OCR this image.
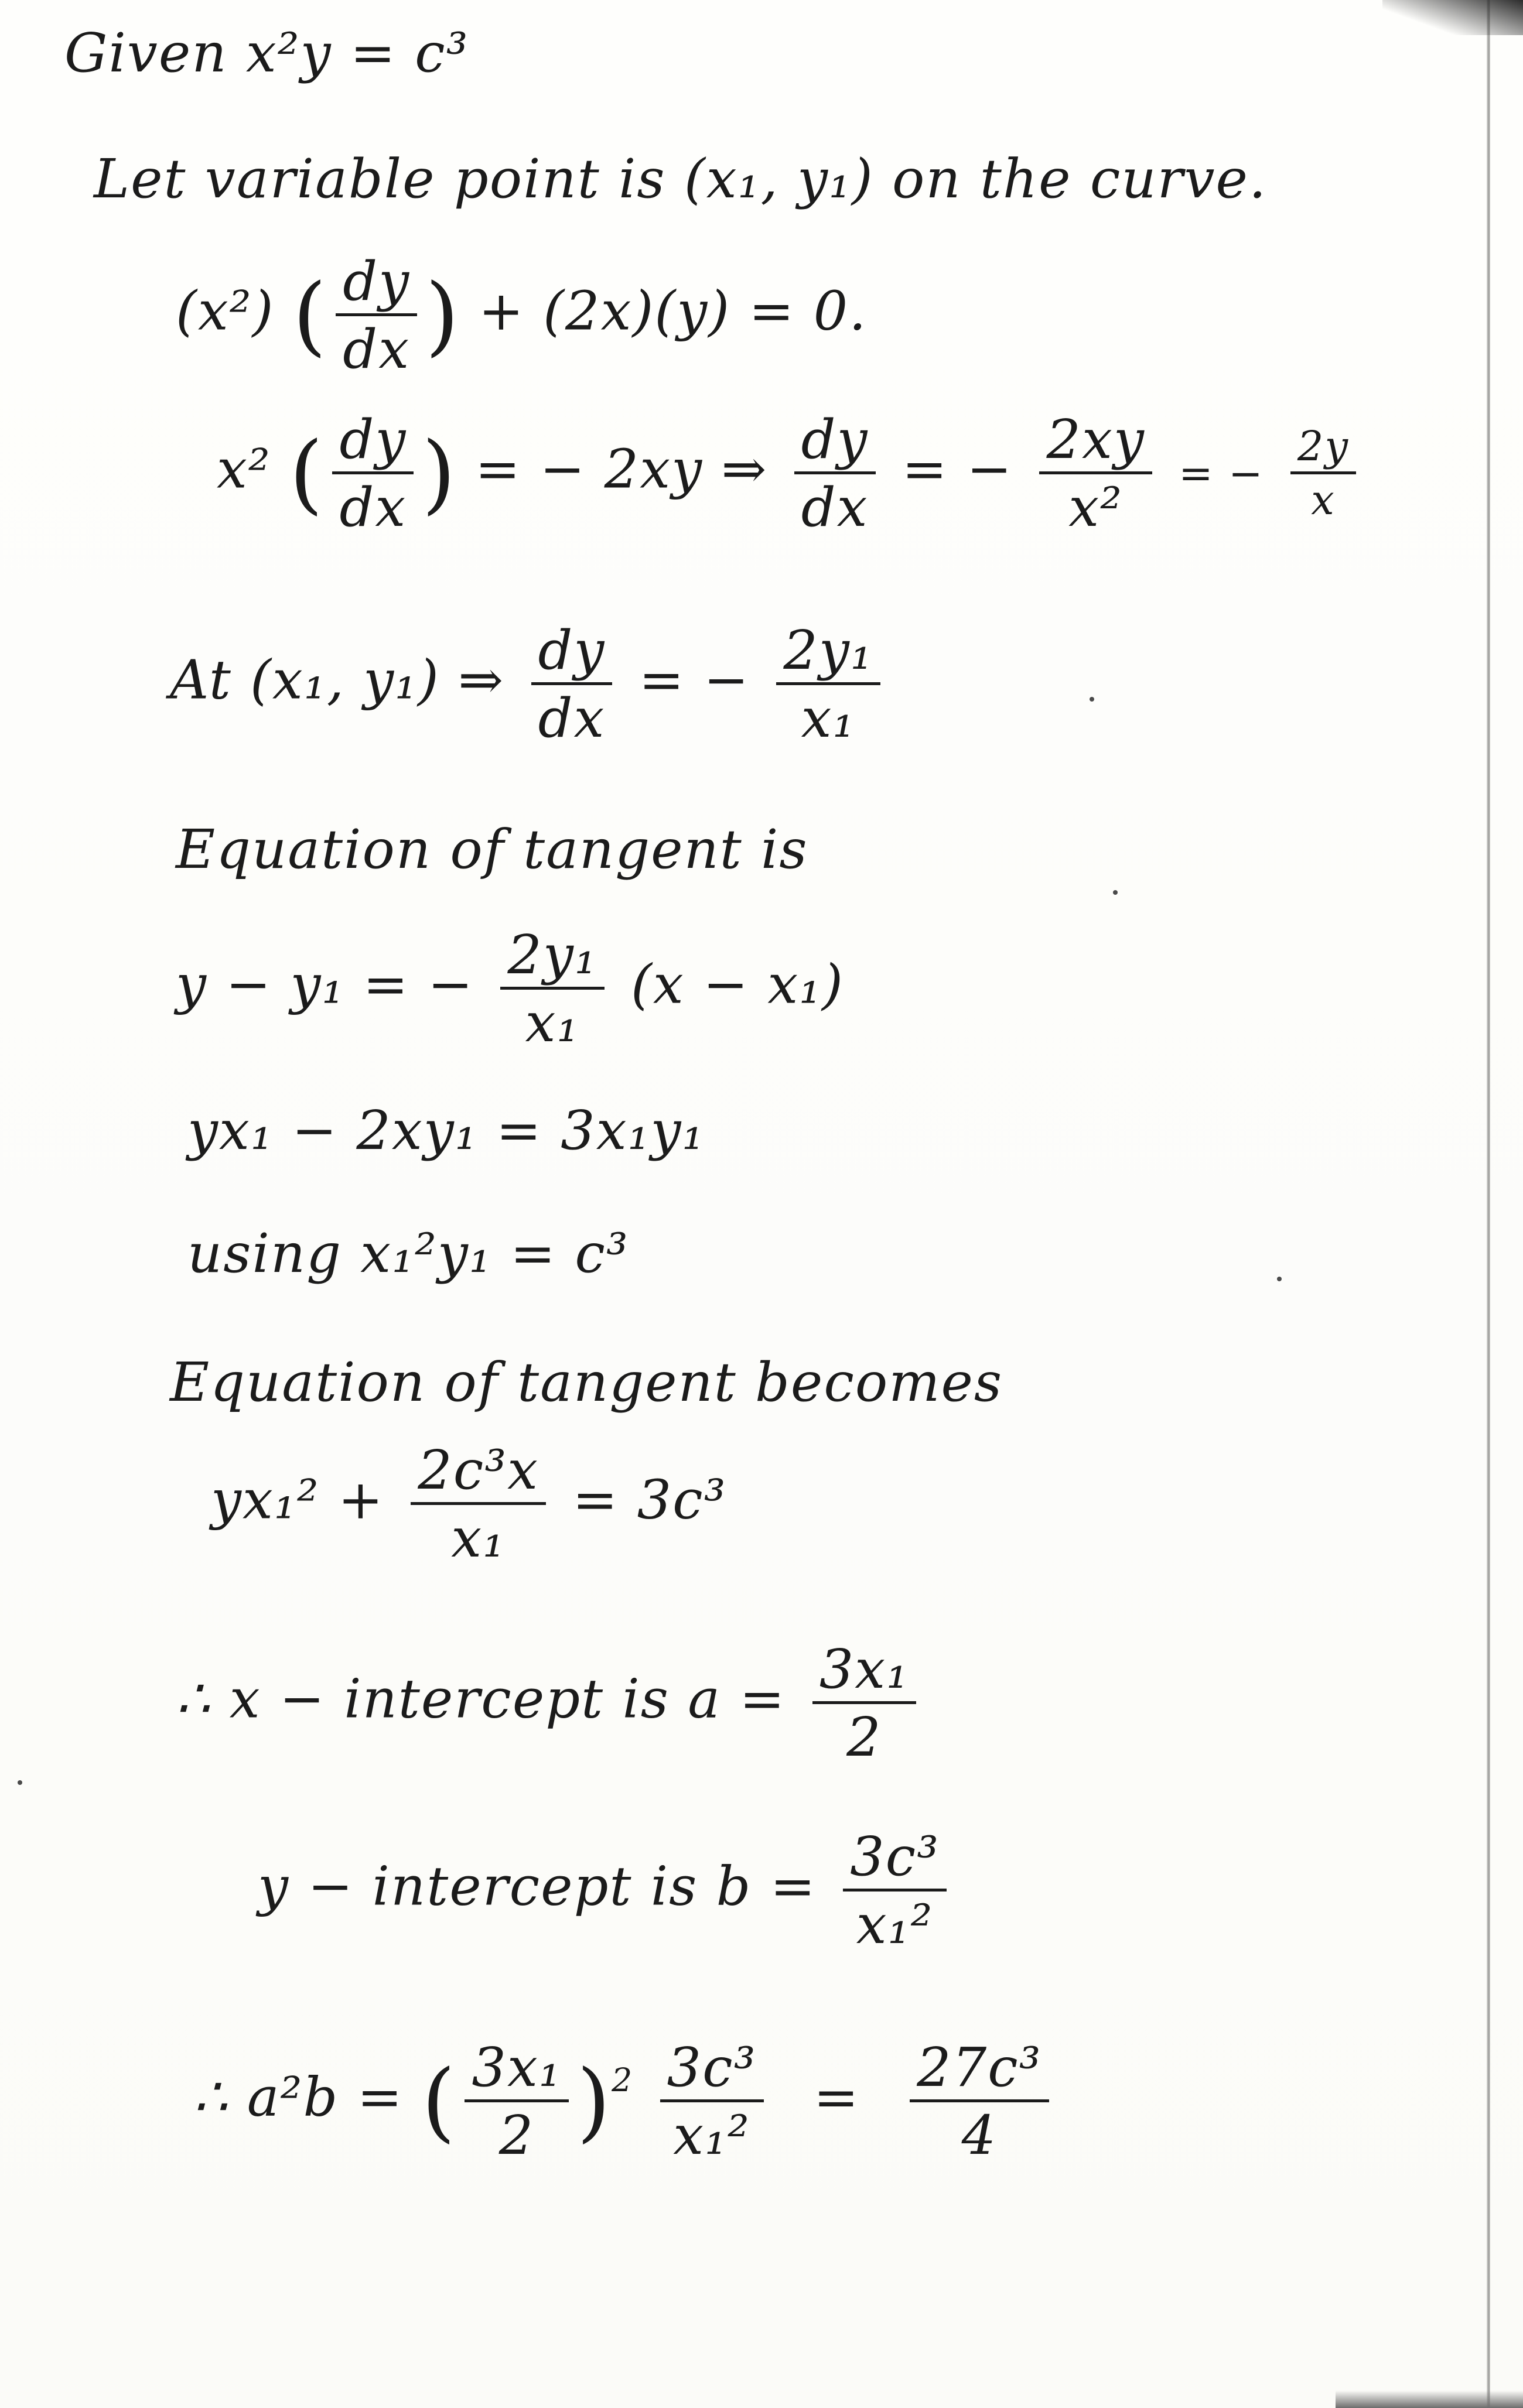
Given x²y = c³
Let variable point is (x₁, y₁) on the curve.
(x²) ( $\frac{dy}{dx}$ ) + (2x)(y) = 0.
x² ( $\frac{dy}{dx}$ ) = − 2xy ⇒ $\frac{dy}{dx}$ = − $\frac{2xy}{\text{x²}}$ = − $\frac{2y}{x}$
At (x₁, y₁) ⇒ $\frac{dy}{dx}$ = − $\frac{\text{2y₁}}{\text{x₁}}$
Equation of tangent is
y − y₁ = − $\frac{\text{2y₁}}{\text{x₁}} (x - x_1)$
yx₁ − 2xy₁ = 3x₁y₁
using x₁²y₁ = c³
Equation of tangent becomes
$yx_1^2 + \frac{\text{2c³x}}{\text{x₁}} = 3c^3$
∴ x − intercept is $a = \frac{\text{3x₁}}{2}$
y − intercept is $b = \frac{\text{3c³}}{\text{x₁²}}$
∴ a²b = ( $\frac{\text{3x₁}}{2} )^2 \frac{\text{3c³}}{\text{x₁²}} = \frac{\text{27c³}}{4}$
